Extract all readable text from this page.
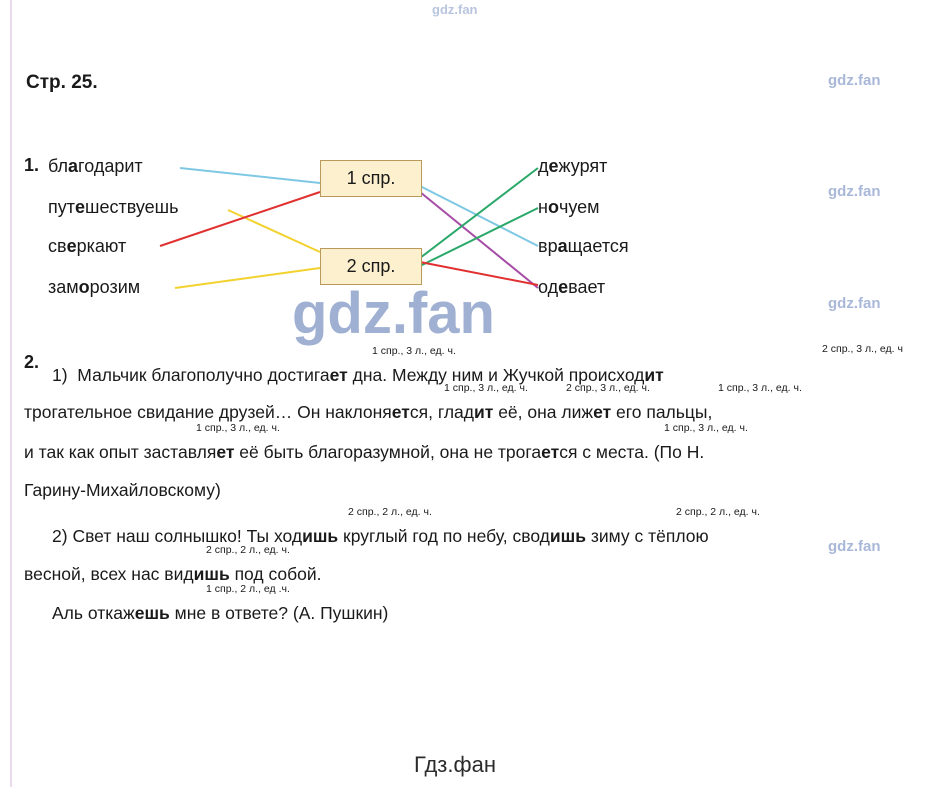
gdz.fan
gdz.fan
gdz.fan
gdz.fan
gdz.fan
Стр. 25.
1. благодарит
путешествуешь
сверкают
заморозим
1 спр.
2 спр.
дежурят
ночуем
вращается
одевает
gdz.fan
2.
1 спр., 3 л., ед. ч.	2 спр., 3 л., ед. ч
1) Мальчик благополучно достигает дна. Между ним и Жучкой происходит
1 спр., 3 л., ед. ч.	2 спр., 3 л., ед. ч.	1 спр., 3 л., ед. ч.
трогательное свидание друзей… Он наклоняется, гладит её, она лижет его пальцы,
1 спр., 3 л., ед. ч.	1 спр., 3 л., ед. ч.
и так как опыт заставляет её быть благоразумной, она не трогается с места. (По Н.
Гарину-Михайловскому)
2 спр., 2 л., ед. ч.	2 спр., 2 л., ед. ч.
2) Свет наш солнышко! Ты ходишь круглый год по небу, сводишь зиму с тёплою
2 спр., 2 л., ед. ч.
весной, всех нас видишь под собой.
1 спр., 2 л., ед .ч.
Аль откажешь мне в ответе? (А. Пушкин)
Гдз.фан
